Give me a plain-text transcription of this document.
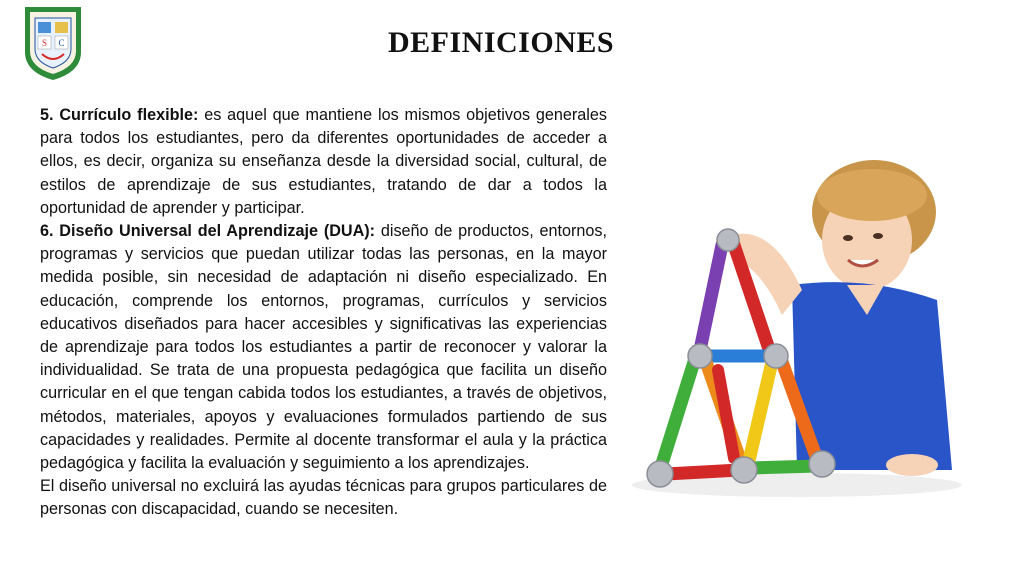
S C	DEFINICIONES

5. Currículo flexible: es aquel que mantiene los mismos objetivos generales para todos los estudiantes, pero da diferentes oportunidades de acceder a ellos, es decir, organiza su enseñanza desde la diversidad social, cultural, de estilos de aprendizaje de sus estudiantes, tratando de dar a todos la oportunidad de aprender y participar.

6. Diseño Universal del Aprendizaje (DUA): diseño de productos, entornos, programas y servicios que puedan utilizar todas las personas, en la mayor medida posible, sin necesidad de adaptación ni diseño especializado. En educación, comprende los entornos, programas, currículos y servicios educativos diseñados para hacer accesibles y significativas las experiencias de aprendizaje para todos los estudiantes a partir de reconocer y valorar la individualidad. Se trata de una propuesta pedagógica que facilita un diseño curricular en el que tengan cabida todos los estudiantes, a través de objetivos, métodos, materiales, apoyos y evaluaciones formulados partiendo de sus capacidades y realidades. Permite al docente transformar el aula y la práctica pedagógica y facilita la evaluación y seguimiento a los aprendizajes.

El diseño universal no excluirá las ayudas técnicas para grupos particulares de personas con discapacidad, cuando se necesiten.
